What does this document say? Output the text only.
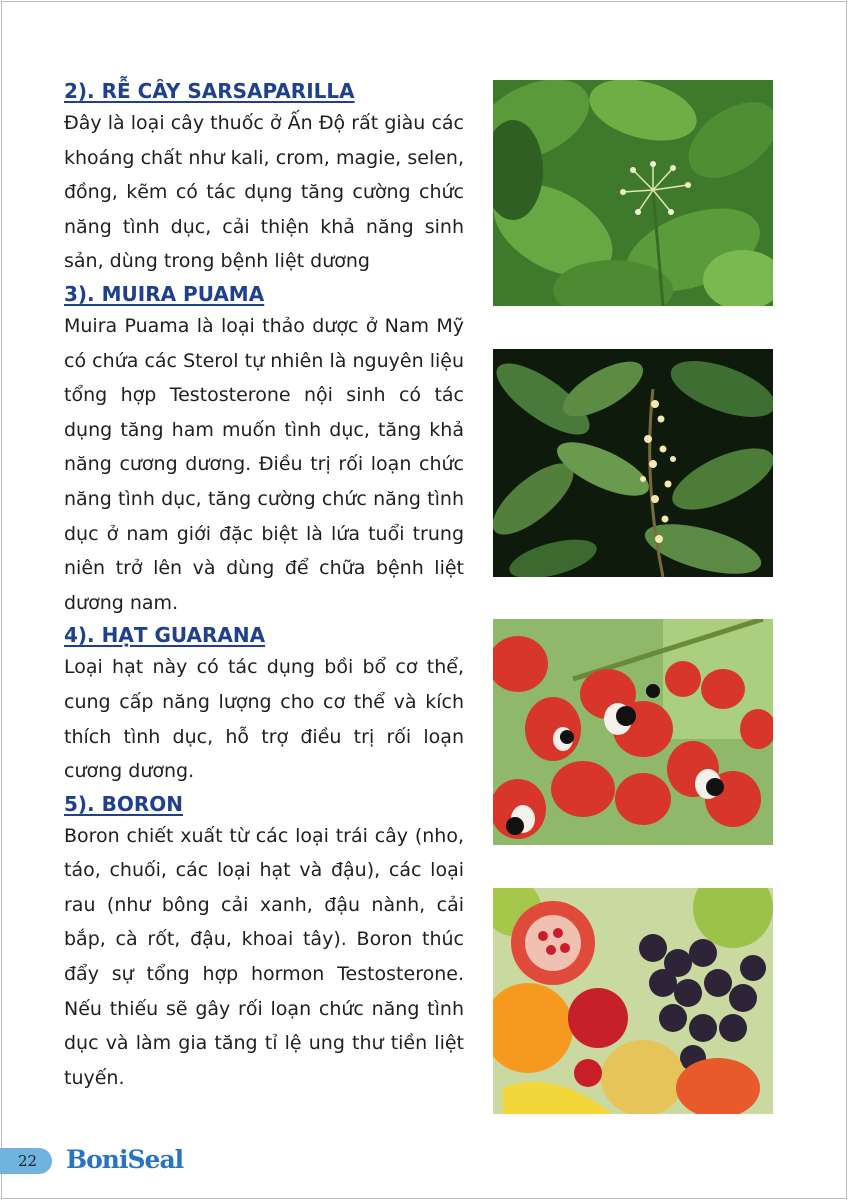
2). RỄ CÂY SARSAPARILLA

Đây là loại cây thuốc ở Ấn Độ rất giàu các khoáng chất như kali, crom, magie, selen, đồng, kẽm có tác dụng tăng cường chức năng tình dục, cải thiện khả năng sinh sản, dùng trong bệnh liệt dương

3). MUIRA PUAMA

Muira Puama là loại thảo dược ở Nam Mỹ có chứa các Sterol tự nhiên là nguyên liệu tổng hợp Testosterone nội sinh có tác dụng tăng ham muốn tình dục, tăng khả năng cương dương. Điều trị rối loạn chức năng tình dục, tăng cường chức năng tình dục ở nam giới đặc biệt là lứa tuổi trung niên trở lên và dùng để chữa bệnh liệt dương nam.

4). HẠT GUARANA

Loại hạt này có tác dụng bồi bổ cơ thể, cung cấp năng lượng cho cơ thể và kích thích tình dục, hỗ trợ điều trị rối loạn cương dương.

5). BORON

Boron chiết xuất từ các loại trái cây (nho, táo, chuối, các loại hạt và đậu), các loại rau (như bông cải xanh, đậu nành, cải bắp, cà rốt, đậu, khoai tây). Boron thúc đẩy sự tổng hợp hormon Testosterone. Nếu thiếu sẽ gây rối loạn chức năng tình dục và làm gia tăng tỉ lệ ung thư tiền liệt tuyến.

22	BoniSeal
